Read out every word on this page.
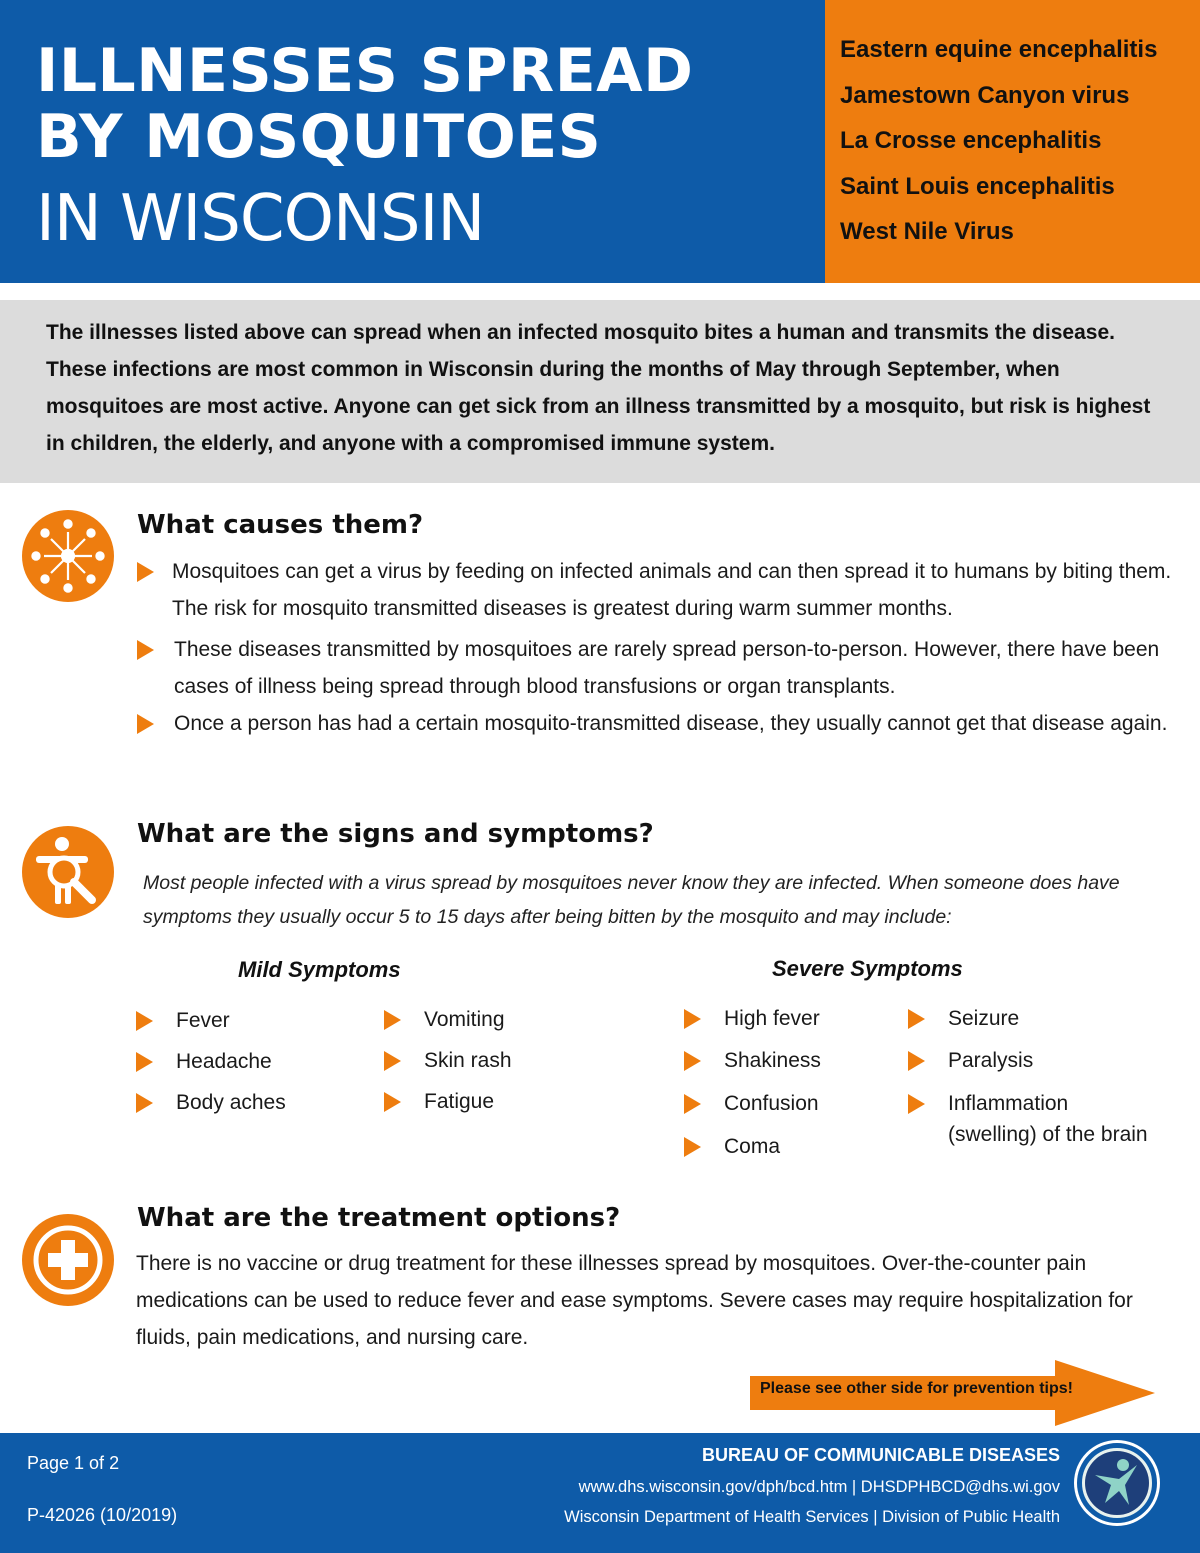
ILLNESSES SPREAD
BY MOSQUITOES
IN WISCONSIN
Eastern equine encephalitis
Jamestown Canyon virus
La Crosse encephalitis
Saint Louis encephalitis
West Nile Virus

The illnesses listed above can spread when an infected mosquito bites a human and transmits the disease. These infections are most common in Wisconsin during the months of May through September, when mosquitoes are most active. Anyone can get sick from an illness transmitted by a mosquito, but risk is highest in children, the elderly, and anyone with a compromised immune system.

What causes them?
Mosquitoes can get a virus by feeding on infected animals and can then spread it to humans by biting them. The risk for mosquito transmitted diseases is greatest during warm summer months.
These diseases transmitted by mosquitoes are rarely spread person-to-person. However, there have been cases of illness being spread through blood transfusions or organ transplants.
Once a person has had a certain mosquito-transmitted disease, they usually cannot get that disease again.
What are the signs and symptoms?

Most people infected with a virus spread by mosquitoes never know they are infected. When someone does have symptoms they usually occur 5 to 15 days after being bitten by the mosquito and may include:

Mild Symptoms
Fever
Headache
Body aches
Vomiting
Skin rash
Fatigue
Severe Symptoms
High fever
Shakiness
Confusion
Coma
Seizure
Paralysis
Inflammation
(swelling) of the brain
What are the treatment options?

There is no vaccine or drug treatment for these illnesses spread by mosquitoes. Over-the-counter pain medications can be used to reduce fever and ease symptoms. Severe cases may require hospitalization for fluids, pain medications, and nursing care.

Please see other side for prevention tips!
Page 1 of 2
P-42026 (10/2019)
BUREAU OF COMMUNICABLE DISEASES
www.dhs.wisconsin.gov/dph/bcd.htm | DHSDPHBCD@dhs.wi.gov
Wisconsin Department of Health Services | Division of Public Health
